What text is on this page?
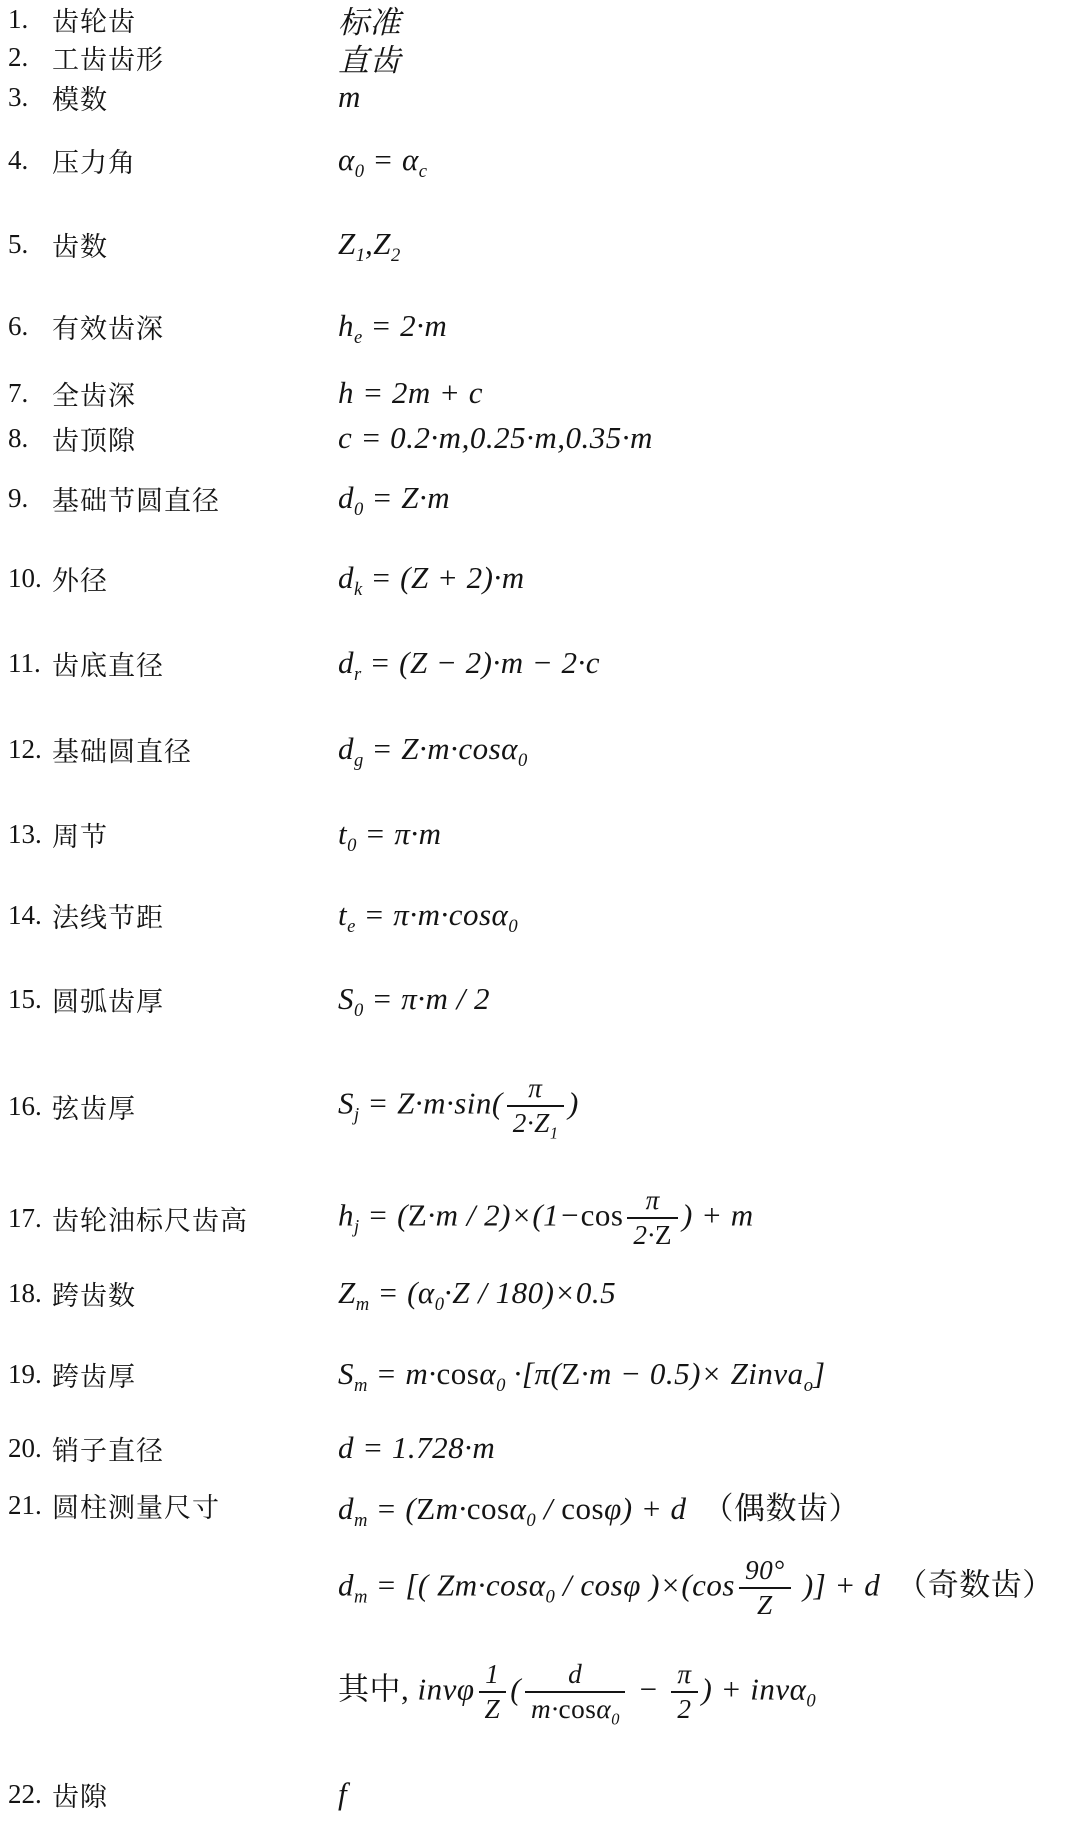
1. 齿轮齿	标准
2. 工齿齿形	直齿
3. 模数	m
4. 压力角	$\alpha_0 = \alpha_c$
5. 齿数	$Z_1,Z_2$
6. 有效齿深	$h_e = 2\cdot m$
7. 全齿深	h = 2m + c
8. 齿顶隙	c = 0.2·m,0.25·m,0.35·m
9. 基础节圆直径	$d_0 = Z\cdot m$
10. 外径	$d_k = (Z + 2)\cdot m$
11. 齿底直径	$d_r = (Z - 2)\cdot m - 2\cdot c$
12. 基础圆直径	$d_g = Z\cdot m\cdot\cos\alpha_0$
13. 周节	$t_0 = \pi\cdot m$
14. 法线节距	$t_e = \pi\cdot m\cdot\cos\alpha_0$
15. 圆弧齿厚	$S_0 = \pi\cdot m / 2$
16. 弦齿厚	$S_j = Z\cdot m\cdot\sin( \frac{\pi}{2\cdot Z_1}$ )
17. 齿轮油标尺齿高	$h_j = (Z\cdot m / 2)\times(1-\cos \frac{\pi}{2\cdot Z}$ ) + m
18. 跨齿数	$Z_m = (\alpha_0\cdot Z / 180)\times 0.5$
19. 跨齿厚	$S_m = m\cdot\cos\alpha_0 \cdot[\pi(Z\cdot m - 0.5)\times$ Zinva$_o$]
20. 销子直径	d = 1.728·m
21. 圆柱测量尺寸	$d_m = (Zm\cdot\cos\alpha_0 / \cos\varphi) + d$　（偶数齿）
$d_m$ = [( Zm·cosα$_0$ / cosφ )$\times(\cos \frac{90^\circ}{Z}$ )] + d　（奇数齿）
其中, invφ $\frac{1}{Z}$ ( $\frac{d}{m\cdot\cos\alpha_0} - \frac{\pi}{2}$ ) + invα$_0$
22. 齿隙	f
